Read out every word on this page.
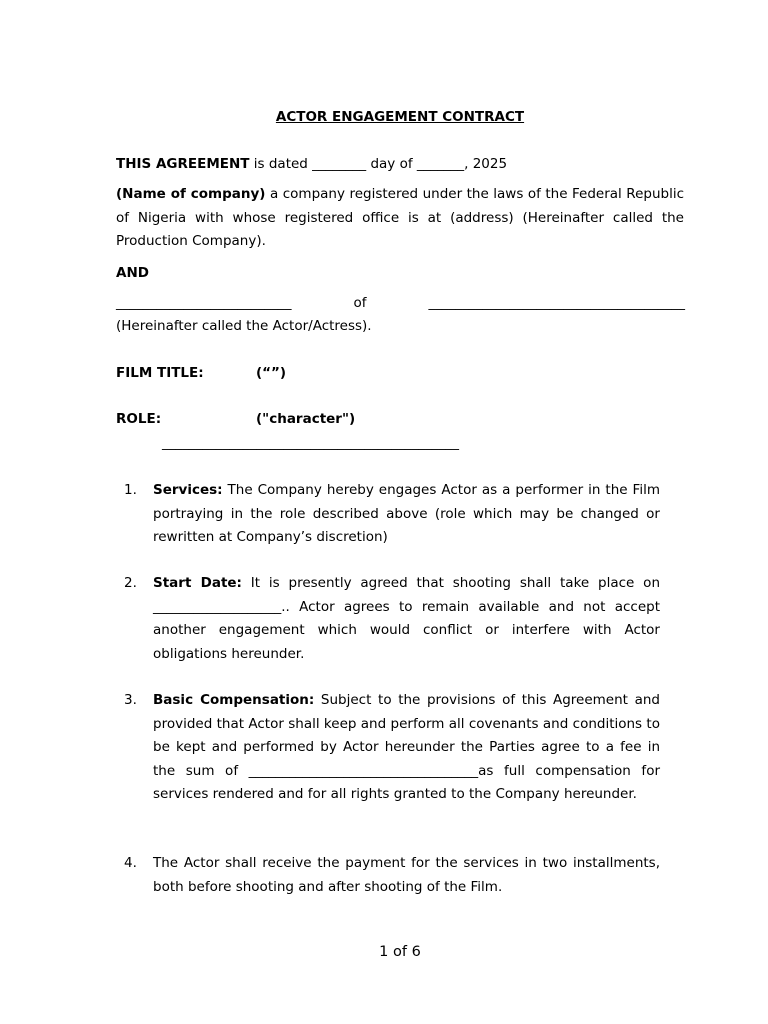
ACTOR ENGAGEMENT CONTRACT

THIS AGREEMENT is dated ________ day of _______, 2025

(Name of company) a company registered under the laws of the Federal Republic of Nigeria with whose registered office is at (address) (Hereinafter called the Production Company).

AND

__________________________	of	______________________________________

(Hereinafter called the Actor/Actress).

FILM TITLE:	(“”)

ROLE:	("character")

____________________________________________

1. Services: The Company hereby engages Actor as a performer in the Film portraying in the role described above (role which may be changed or rewritten at Company’s discretion)

2. Start Date: It is presently agreed that shooting shall take place on ___________________.. Actor agrees to remain available and not accept another engagement which would conflict or interfere with Actor obligations hereunder.

3. Basic Compensation: Subject to the provisions of this Agreement and provided that Actor shall keep and perform all covenants and conditions to be kept and performed by Actor hereunder the Parties agree to a fee in the sum of __________________________________as full compensation for services rendered and for all rights granted to the Company hereunder.

4. The Actor shall receive the payment for the services in two installments, both before shooting and after shooting of the Film.

1 of 6
